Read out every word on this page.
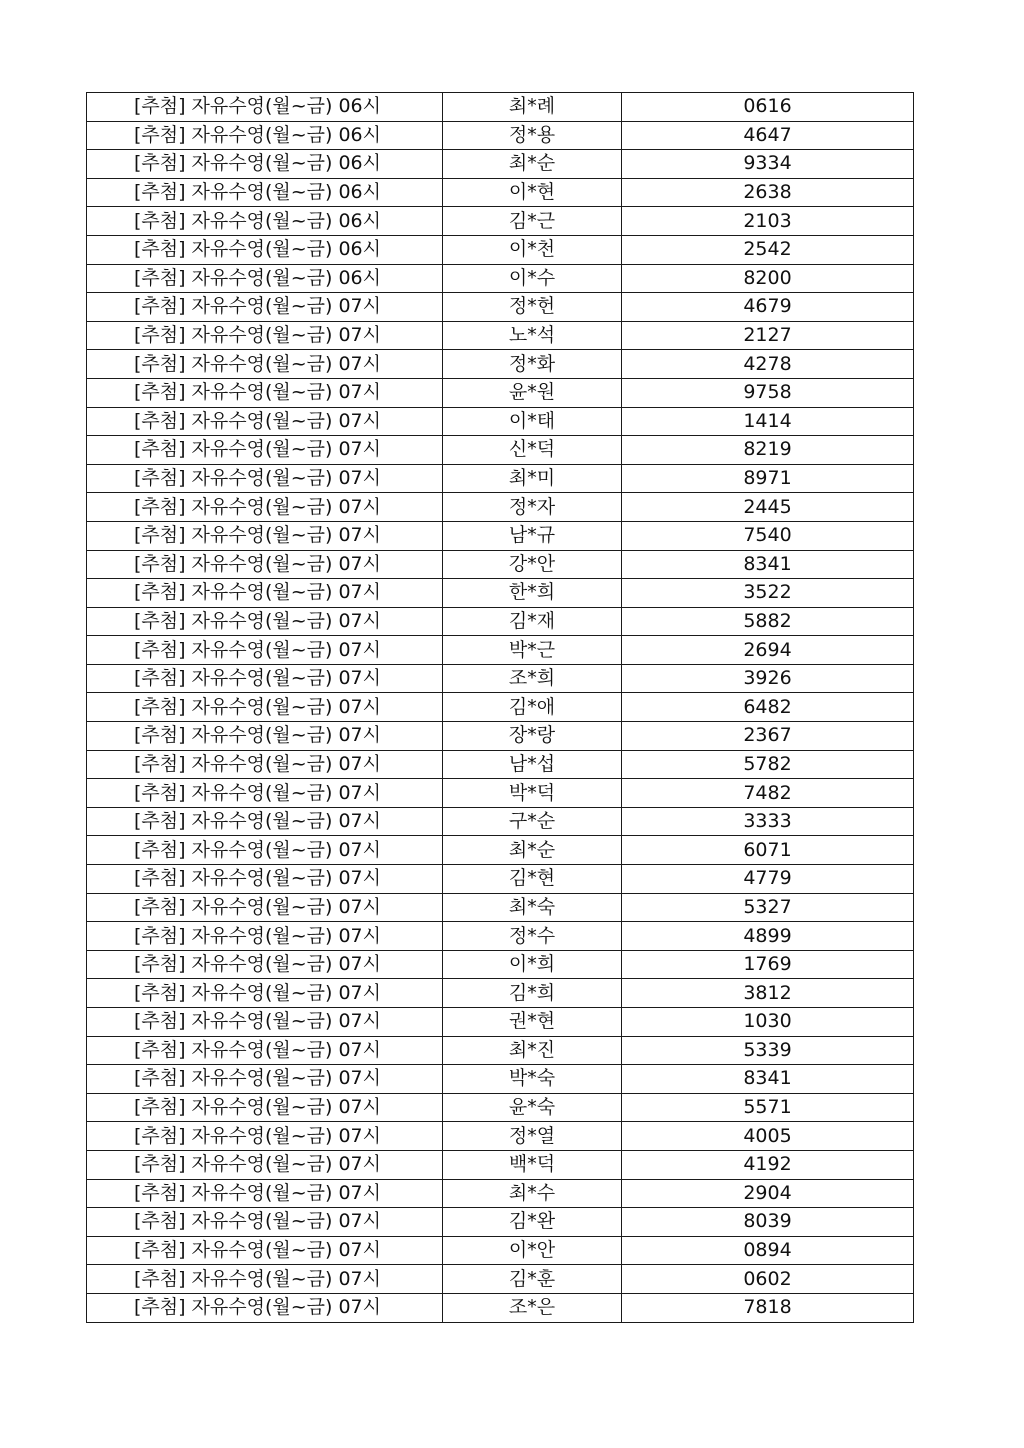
[추첨] 자유수영(월~금) 06시	최*례	0616
[추첨] 자유수영(월~금) 06시	정*용	4647
[추첨] 자유수영(월~금) 06시	최*순	9334
[추첨] 자유수영(월~금) 06시	이*현	2638
[추첨] 자유수영(월~금) 06시	김*근	2103
[추첨] 자유수영(월~금) 06시	이*천	2542
[추첨] 자유수영(월~금) 06시	이*수	8200
[추첨] 자유수영(월~금) 07시	정*헌	4679
[추첨] 자유수영(월~금) 07시	노*석	2127
[추첨] 자유수영(월~금) 07시	정*화	4278
[추첨] 자유수영(월~금) 07시	윤*원	9758
[추첨] 자유수영(월~금) 07시	이*태	1414
[추첨] 자유수영(월~금) 07시	신*덕	8219
[추첨] 자유수영(월~금) 07시	최*미	8971
[추첨] 자유수영(월~금) 07시	정*자	2445
[추첨] 자유수영(월~금) 07시	남*규	7540
[추첨] 자유수영(월~금) 07시	강*안	8341
[추첨] 자유수영(월~금) 07시	한*희	3522
[추첨] 자유수영(월~금) 07시	김*재	5882
[추첨] 자유수영(월~금) 07시	박*근	2694
[추첨] 자유수영(월~금) 07시	조*희	3926
[추첨] 자유수영(월~금) 07시	김*애	6482
[추첨] 자유수영(월~금) 07시	장*랑	2367
[추첨] 자유수영(월~금) 07시	남*섭	5782
[추첨] 자유수영(월~금) 07시	박*덕	7482
[추첨] 자유수영(월~금) 07시	구*순	3333
[추첨] 자유수영(월~금) 07시	최*순	6071
[추첨] 자유수영(월~금) 07시	김*현	4779
[추첨] 자유수영(월~금) 07시	최*숙	5327
[추첨] 자유수영(월~금) 07시	정*수	4899
[추첨] 자유수영(월~금) 07시	이*희	1769
[추첨] 자유수영(월~금) 07시	김*희	3812
[추첨] 자유수영(월~금) 07시	권*현	1030
[추첨] 자유수영(월~금) 07시	최*진	5339
[추첨] 자유수영(월~금) 07시	박*숙	8341
[추첨] 자유수영(월~금) 07시	윤*숙	5571
[추첨] 자유수영(월~금) 07시	정*열	4005
[추첨] 자유수영(월~금) 07시	백*덕	4192
[추첨] 자유수영(월~금) 07시	최*수	2904
[추첨] 자유수영(월~금) 07시	김*완	8039
[추첨] 자유수영(월~금) 07시	이*안	0894
[추첨] 자유수영(월~금) 07시	김*훈	0602
[추첨] 자유수영(월~금) 07시	조*은	7818
